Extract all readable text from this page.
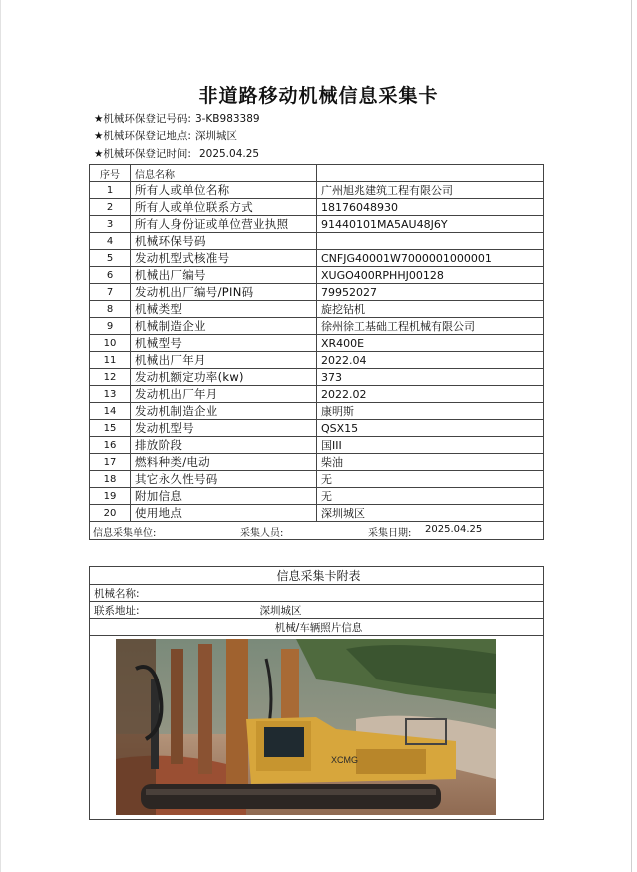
非道路移动机械信息采集卡
★机械环保登记号码: 3-KB983389
★机械环保登记地点: 深圳城区
★机械环保登记时间: 2025.04.25
序号	信息名称	
1	所有人或单位名称	广州旭兆建筑工程有限公司
2	所有人或单位联系方式	18176048930
3	所有人身份证或单位营业执照	91440101MA5AU48J6Y
4	机械环保号码	
5	发动机型式核准号	CNFJG40001W7000001000001
6	机械出厂编号	XUGO400RPHHJ00128
7	发动机出厂编号/PIN码	79952027
8	机械类型	旋挖钻机
9	机械制造企业	徐州徐工基础工程机械有限公司
10	机械型号	XR400E
11	机械出厂年月	2022.04
12	发动机额定功率(kw)	373
13	发动机出厂年月	2022.02
14	发动机制造企业	康明斯
15	发动机型号	QSX15
16	排放阶段	国III
17	燃料种类/电动	柴油
18	其它永久性号码	无
19	附加信息	无
20	使用地点	深圳城区

信息采集单位: 采集人员: 采集日期: 2025.04.25		
信息采集卡附表
机械名称:
联系地址:	深圳城区
机械/车辆照片信息

XCMG
